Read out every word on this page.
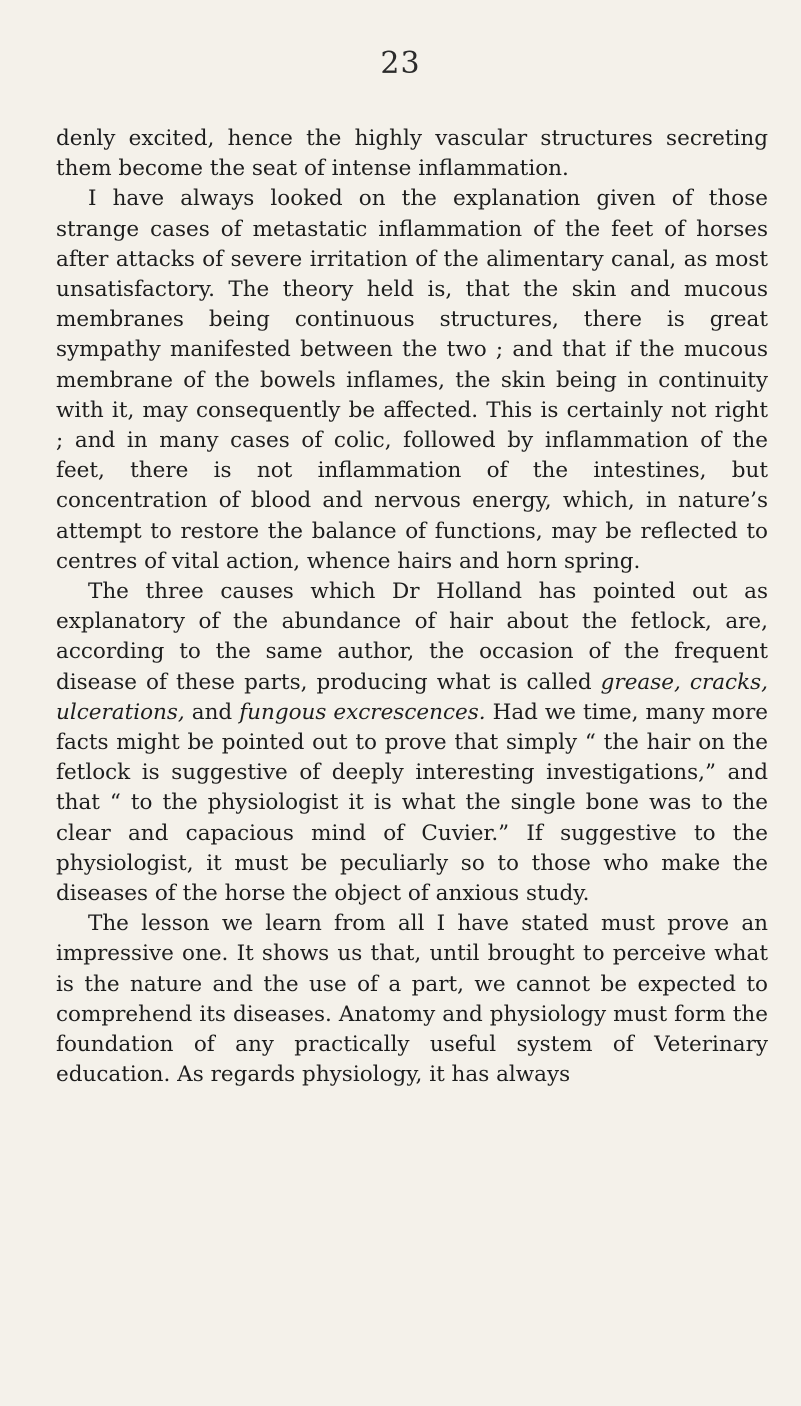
23

denly excited, hence the highly vascular structures secreting them become the seat of intense inflammation.

I have always looked on the explanation given of those strange cases of metastatic inflammation of the feet of horses after attacks of severe irritation of the alimentary canal, as most unsatisfactory. The theory held is, that the skin and mucous membranes being continuous structures, there is great sympathy manifested between the two ; and that if the mucous membrane of the bowels inflames, the skin being in continuity with it, may consequently be affected. This is certainly not right ; and in many cases of colic, followed by inflammation of the feet, there is not inflammation of the intestines, but concentration of blood and nervous energy, which, in nature’s attempt to restore the balance of functions, may be reflected to centres of vital action, whence hairs and horn spring.

The three causes which Dr Holland has pointed out as explanatory of the abundance of hair about the fetlock, are, according to the same author, the occasion of the frequent disease of these parts, producing what is called grease, cracks, ulcerations, and fungous excrescences. Had we time, many more facts might be pointed out to prove that simply “ the hair on the fetlock is suggestive of deeply interesting investigations,” and that “ to the physiologist it is what the single bone was to the clear and capacious mind of Cuvier.” If suggestive to the physiologist, it must be peculiarly so to those who make the diseases of the horse the object of anxious study.

The lesson we learn from all I have stated must prove an impressive one. It shows us that, until brought to perceive what is the nature and the use of a part, we cannot be expected to comprehend its diseases. Anatomy and physiology must form the foundation of any practically useful system of Veterinary education. As regards physiology, it has always
